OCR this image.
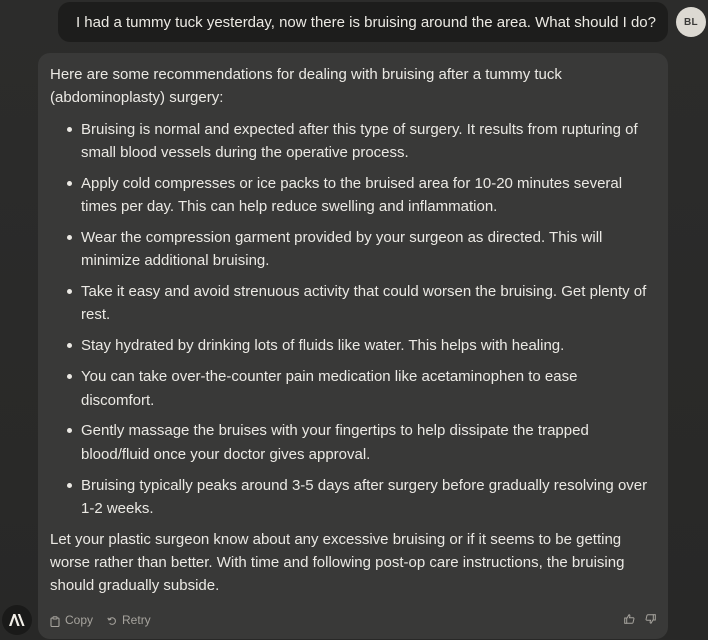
I had a tummy tuck yesterday, now there is bruising around the area. What should I do?	BL

Here are some recommendations for dealing with bruising after a tummy tuck (abdominoplasty) surgery:

Bruising is normal and expected after this type of surgery. It results from rupturing of small blood vessels during the operative process.
Apply cold compresses or ice packs to the bruised area for 10-20 minutes several times per day. This can help reduce swelling and inflammation.
Wear the compression garment provided by your surgeon as directed. This will minimize additional bruising.
Take it easy and avoid strenuous activity that could worsen the bruising. Get plenty of rest.
Stay hydrated by drinking lots of fluids like water. This helps with healing.
You can take over-the-counter pain medication like acetaminophen to ease discomfort.
Gently massage the bruises with your fingertips to help dissipate the trapped blood/fluid once your doctor gives approval.
Bruising typically peaks around 3-5 days after surgery before gradually resolving over 1-2 weeks.

Let your plastic surgeon know about any excessive bruising or if it seems to be getting worse rather than better. With time and following post-op care instructions, the bruising should gradually subside.

Copy Retry
